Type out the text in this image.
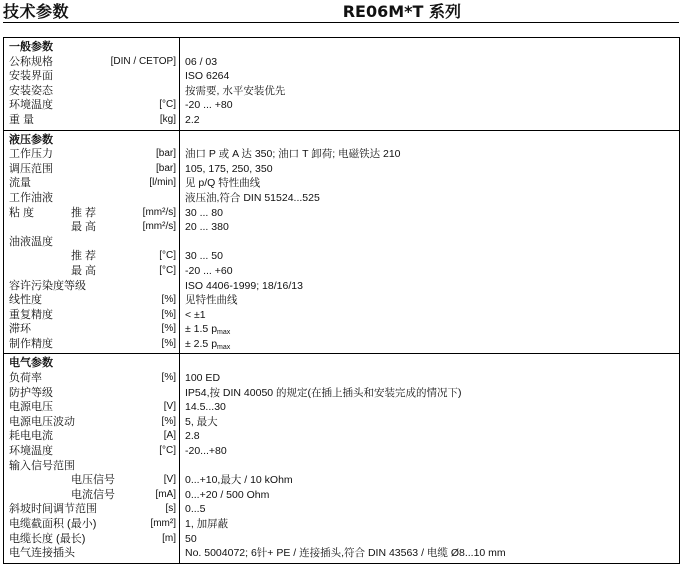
技术参数	RE06M*T 系列
一般参数
公称规格	[DIN / CETOP] 06 / 03
安装界面	ISO 6264
安装姿态	按需要, 水平安装优先
环境温度	[°C] -20 ... +80
重 量	[kg] 2.2
液压参数
工作压力	[bar] 油口 P 或 A 达 350; 油口 T 卸荷; 电磁铁达 210
调压范围	[bar] 105, 175, 250, 350
流量	[l/min] 见 p/Q 特性曲线
工作油液	液压油,符合 DIN 51524...525
粘 度	推 荐	[mm²/s] 30 ... 80
最 高	[mm²/s] 20 ... 380
油液温度
推 荐	[°C] 30 ... 50
最 高	[°C] -20 ... +60
容许污染度等级	ISO 4406-1999; 18/16/13
线性度	[%] 见特性曲线
重复精度	[%] < ±1
滞环	[%] ± 1.5 pmax
制作精度	[%] ± 2.5 pmax
电气参数
负荷率	[%] 100 ED
防护等级	IP54,按 DIN 40050 的规定(在插上插头和安装完成的情况下)
电源电压	[V] 14.5...30
电源电压波动	[%] 5, 最大
耗电电流	[A] 2.8
环境温度	[°C] -20...+80
输入信号范围
电压信号	[V] 0...+10,最大 / 10 kOhm
电流信号	[mA] 0...+20 / 500 Ohm
斜坡时间调节范围	[s] 0...5
电缆截面积 (最小)	[mm²] 1, 加屏蔽
电缆长度 (最长)	[m] 50
电气连接插头	No. 5004072; 6针+ PE / 连接插头,符合 DIN 43563 / 电缆 Ø8...10 mm
